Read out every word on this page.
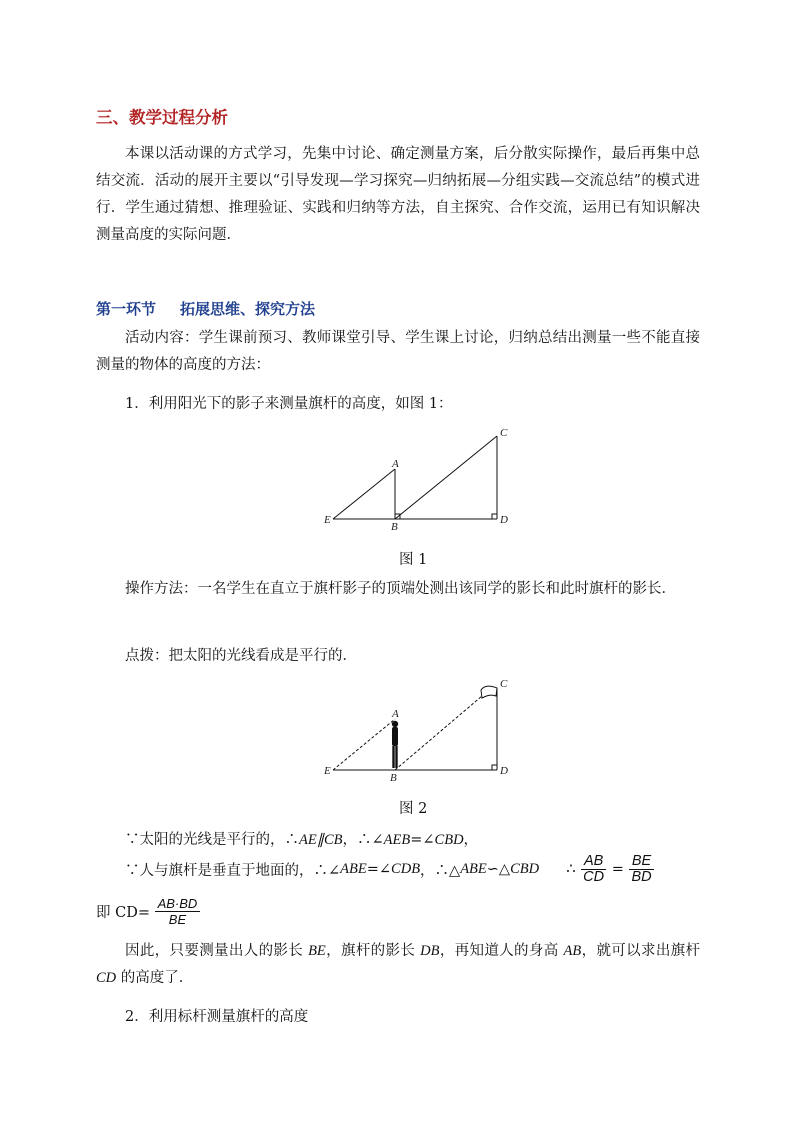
三、教学过程分析
本课以活动课的方式学习，先集中讨论、确定测量方案，后分散实际操作，最后再集中总结交流．活动的展开主要以“引导发现—学习探究—归纳拓展—分组实践—交流总结”的模式进行．学生通过猜想、推理验证、实践和归纳等方法，自主探究、合作交流，运用已有知识解决测量高度的实际问题．
第一环节 拓展思维、探究方法
活动内容：学生课前预习、教师课堂引导、学生课上讨论，归纳总结出测量一些不能直接测量的物体的高度的方法：
1．利用阳光下的影子来测量旗杆的高度，如图 1：
A
B
C
D
E
图 1
操作方法：一名学生在直立于旗杆影子的顶端处测出该同学的影长和此时旗杆的影长．
点拨：把太阳的光线看成是平行的．
A
B
C
D
E
图 2
∵太阳的光线是平行的，∴AE∥CB，∴∠AEB=∠CBD，
∵人与旗杆是垂直于地面的，∴∠ABE=∠CDB，∴△ABE∽△CBD ∴ $\frac{AB}{CD} = \frac{BE}{BD}$
即 $CD= \frac{AB\cdot BD}{BE}$
因此，只要测量出人的影长 BE，旗杆的影长 DB，再知道人的身高 AB，就可以求出旗杆 CD 的高度了．
2．利用标杆测量旗杆的高度
